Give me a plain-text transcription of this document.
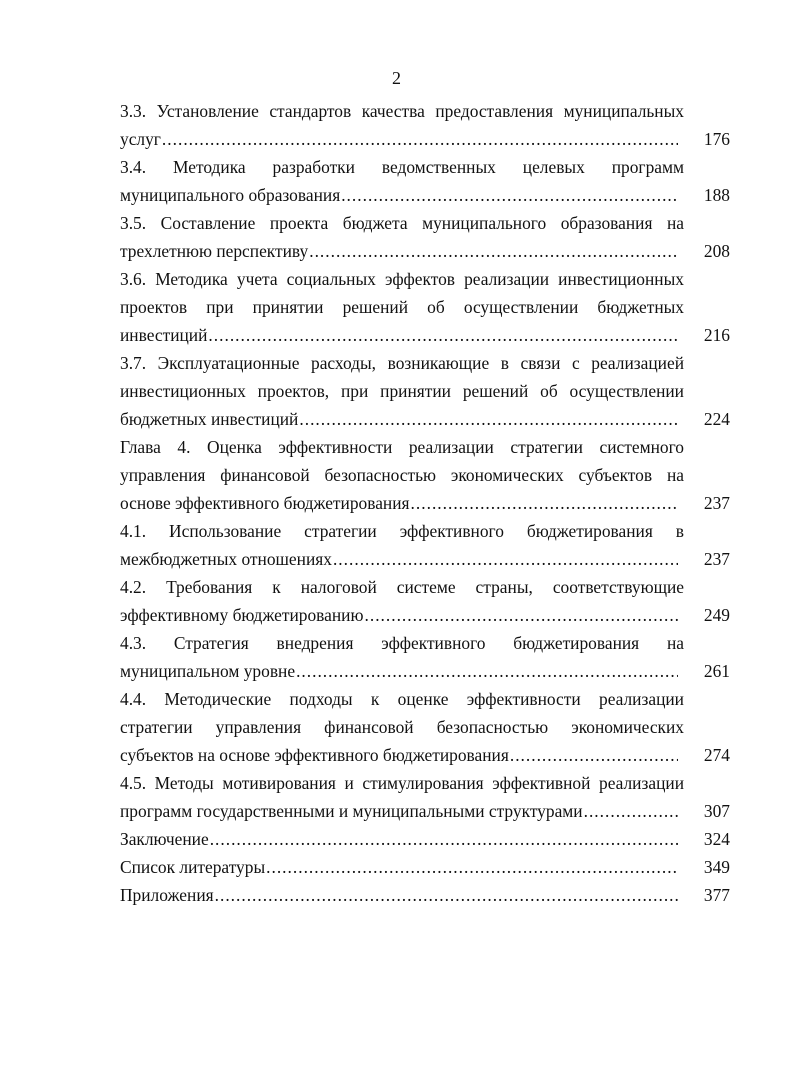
2
3.3. Установление стандартов качества предоставления муниципальных
услуг .....	176
3.4. Методика разработки ведомственных целевых программ
муниципального образования .....	188
3.5. Составление проекта бюджета муниципального образования на
трехлетнюю перспективу .....	208
3.6. Методика учета социальных эффектов реализации инвестиционных
проектов при принятии решений об осуществлении бюджетных
инвестиций .....	216
3.7. Эксплуатационные расходы, возникающие в связи с реализацией
инвестиционных проектов, при принятии решений об осуществлении
бюджетных инвестиций .....	224
Глава 4. Оценка эффективности реализации стратегии системного
управления финансовой безопасностью экономических субъектов на
основе эффективного бюджетирования .....	237
4.1. Использование стратегии эффективного бюджетирования в
межбюджетных отношениях .....	237
4.2. Требования к налоговой системе страны, соответствующие
эффективному бюджетированию .....	249
4.3. Стратегия внедрения эффективного бюджетирования на
муниципальном уровне .....	261
4.4. Методические подходы к оценке эффективности реализации
стратегии управления финансовой безопасностью экономических
субъектов на основе эффективного бюджетирования .....	274
4.5. Методы мотивирования и стимулирования эффективной реализации
программ государственными и муниципальными структурами .....	307
Заключение .....	324
Список литературы .....	349
Приложения .....	377
